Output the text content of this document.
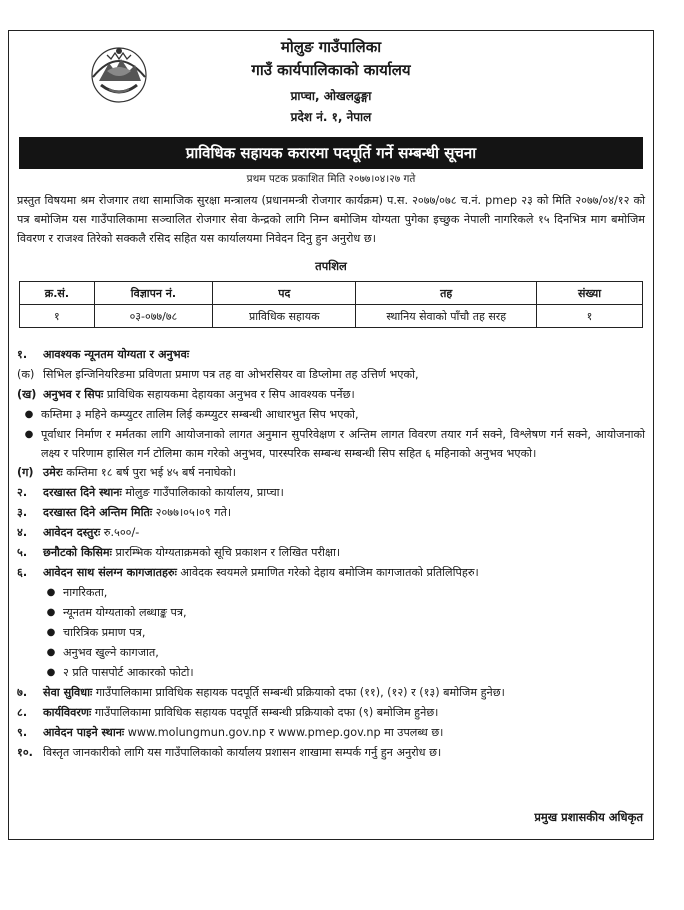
मोलुङ गाउँपालिका
गाउँ कार्यपालिकाको कार्यालय
प्राप्चा, ओखलढुङ्गा
प्रदेश नं. १, नेपाल
प्राविधिक सहायक करारमा पदपूर्ति गर्ने सम्बन्धी सूचना
प्रथम पटक प्रकाशित मिति २०७७।०४।२७ गते
प्रस्तुत विषयमा श्रम रोजगार तथा सामाजिक सुरक्षा मन्त्रालय (प्रधानमन्त्री रोजगार कार्यक्रम) प.स. २०७७/०७८ च.नं. pmep २३ को मिति २०७७/०४/१२ को पत्र बमोजिम यस गाउँपालिकामा सञ्चालित रोजगार सेवा केन्द्रको लागि निम्न बमोजिम योग्यता पुगेका इच्छुक नेपाली नागरिकले १५ दिनभित्र माग बमोजिम विवरण र राजश्व तिरेको सक्कलै रसिद सहित यस कार्यालयमा निवेदन दिनु हुन अनुरोध छ।
तपशिल
क्र.सं.	विज्ञापन नं.	पद	तह	संख्या
१	०३-०७७/७८	प्राविधिक सहायक	स्थानिय सेवाको पाँचौ तह सरह	१
१.	आवश्यक न्यूनतम योग्यता र अनुभवः
(क) सिभिल इन्जिनियरिङमा प्रविणता प्रमाण पत्र तह वा ओभरसियर वा डिप्लोमा तह उत्तिर्ण भएको,
(ख) अनुभव र सिपः प्राविधिक सहायकमा देहायका अनुभव र सिप आवश्यक पर्नेछ।
● कम्तिमा ३ महिने कम्प्युटर तालिम लिई कम्प्युटर सम्बन्धी आधारभुत सिप भएको,
● पूर्वाधार निर्माण र मर्मतका लागि आयोजनाको लागत अनुमान सुपरिवेक्षण र अन्तिम लागत विवरण तयार गर्न सक्ने, विश्लेषण गर्न सक्ने, आयोजनाको लक्ष्य र परिणाम हासिल गर्न टोलिमा काम गरेको अनुभव, पारस्परिक सम्बन्ध सम्बन्धी सिप सहित ६ महिनाको अनुभव भएको।
(ग) उमेरः कम्तिमा १८ बर्ष पुरा भई ४५ बर्ष ननाघेको।
२.	दरखास्त दिने स्थानः मोलुङ गाउँपालिकाको कार्यालय, प्राप्चा।
३.	दरखास्त दिने अन्तिम मितिः २०७७।०५।०९ गते।
४.	आवेदन दस्तुरः रु.५००/-
५.	छनौटको किसिमः प्रारम्भिक योग्यताक्रमको सूचि प्रकाशन र लिखित परीक्षा।
६.	आवेदन साथ संलग्न कागजातहरुः आवेदक स्वयमले प्रमाणित गरेको देहाय बमोजिम कागजातको प्रतिलिपिहरु।
● नागरिकता,
● न्यूनतम योग्यताको लब्धाङ्क पत्र,
● चारित्रिक प्रमाण पत्र,
● अनुभव खुल्ने कागजात,
● २ प्रति पासपोर्ट आकारको फोटो।
७.	सेवा सुविधाः गाउँपालिकामा प्राविधिक सहायक पदपूर्ति सम्बन्धी प्रक्रियाको दफा (११), (१२) र (१३) बमोजिम हुनेछ।
८.	कार्यविवरणः गाउँपालिकामा प्राविधिक सहायक पदपूर्ति सम्बन्धी प्रक्रियाको दफा (९) बमोजिम हुनेछ।
९.	आवेदन पाइने स्थानः www.molungmun.gov.np र www.pmep.gov.np मा उपलब्ध छ।
१०. विस्तृत जानकारीको लागि यस गाउँपालिकाको कार्यालय प्रशासन शाखामा सम्पर्क गर्नु हुन अनुरोध छ।
प्रमुख प्रशासकीय अधिकृत
